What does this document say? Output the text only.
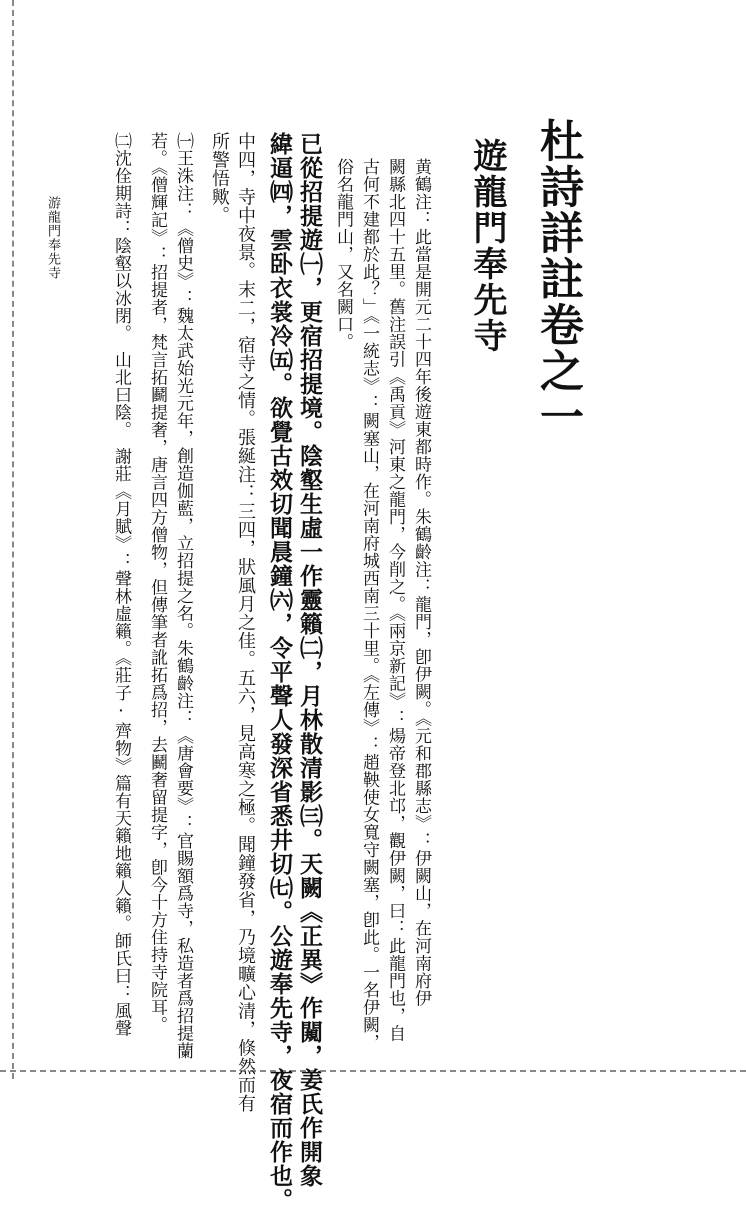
杜詩詳註卷之一
遊龍門奉先寺
黄鶴注：此當是開元二十四年後遊東都時作。朱鶴齡注：龍門，卽伊闕。《元和郡縣志》：伊闕山，在河南府伊
闕縣北四十五里。舊注誤引《禹貢》河東之龍門，今削之。《兩京新記》：煬帝登北邙，觀伊闕，曰：此龍門也，自
古何不建都於此？」《一統志》：闕塞山，在河南府城西南三十里。《左傳》：趙鞅使女寬守闕塞，卽此。一名伊闕，
俗名龍門山，又名闕口。
已從招提遊㈠，更宿招提境。陰壑生虛一作靈籟㈡，月林散清影㈢。天闕《正異》作闚，姜氏作開象
緯逼㈣，雲卧衣裳冷㈤。欲覺古效切聞晨鐘㈥，令平聲人發深省悉井切㈦。公遊奉先寺，夜宿而作也。
中四，寺中夜景。末二，宿寺之情。張綖注：三四，狀風月之佳。五六，見高寒之極。聞鐘發省，乃境曠心清，倏然而有
所警悟歟。
㈠王洙注：《僧史》：魏太武始光元年，創造伽藍，立招提之名。朱鶴齡注：《唐會要》：官賜額爲寺，私造者爲招提蘭
若。《僧輝記》：招提者，梵言拓鬬提奢，唐言四方僧物，但傳筆者訛拓爲招，去鬬奢留提字，卽今十方住持寺院耳。
㈡沈佺期詩：陰壑以冰閉。　山北曰陰。　謝莊《月賦》：聲林虛籟。《莊子·齊物》篇有天籟地籟人籟。師氏曰：風聲
游龍門奉先寺
